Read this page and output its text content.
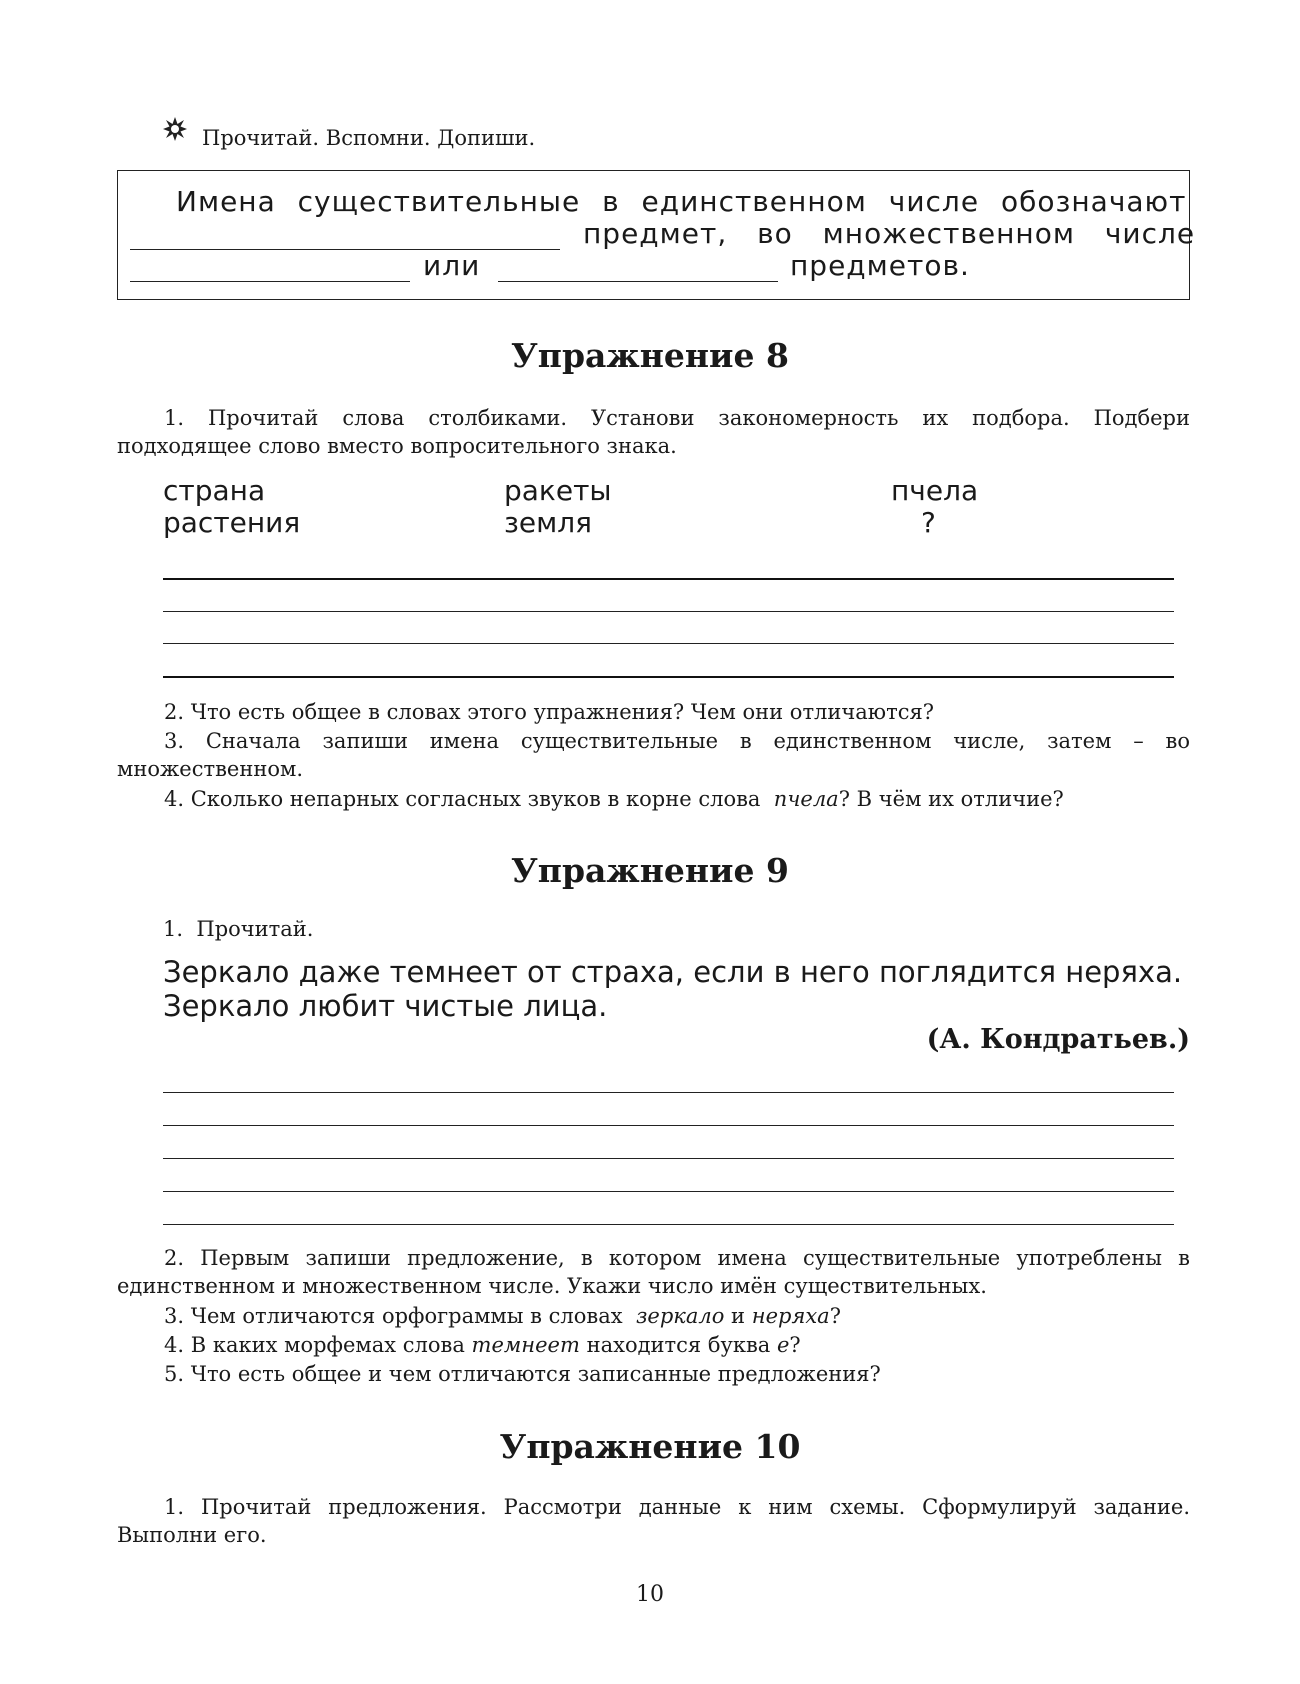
Прочитай. Вспомни. Допиши.
Имена существительные в единственном числе обозначают
предмет, во множественном числе
или	предметов.
Упражнение 8
1. Прочитай слова столбиками. Установи закономерность их подбора. Подбери подходящее слово вместо вопросительного знака.
страна
растения
ракеты
земля
пчела
?
2. Что есть общее в словах этого упражнения? Чем они отличаются?
3. Сначала запиши имена существительные в единственном числе, затем – во множественном.
4. Сколько непарных согласных звуков в корне слова пчела? В чём их отличие?
Упражнение 9
1.  Прочитай.
Зеркало даже темнеет от страха, если в него поглядится неряха.
Зеркало любит чистые лица.
(А. Кондратьев.)
2. Первым запиши предложение, в котором имена существительные употреблены в единственном и множественном числе. Укажи число имён существительных.
3. Чем отличаются орфограммы в словах зеркало и неряха?
4. В каких морфемах слова темнеет находится буква е?
5. Что есть общее и чем отличаются записанные предложения?
Упражнение 10
1. Прочитай предложения. Рассмотри данные к ним схемы. Сформулируй задание. Выполни его.
10
